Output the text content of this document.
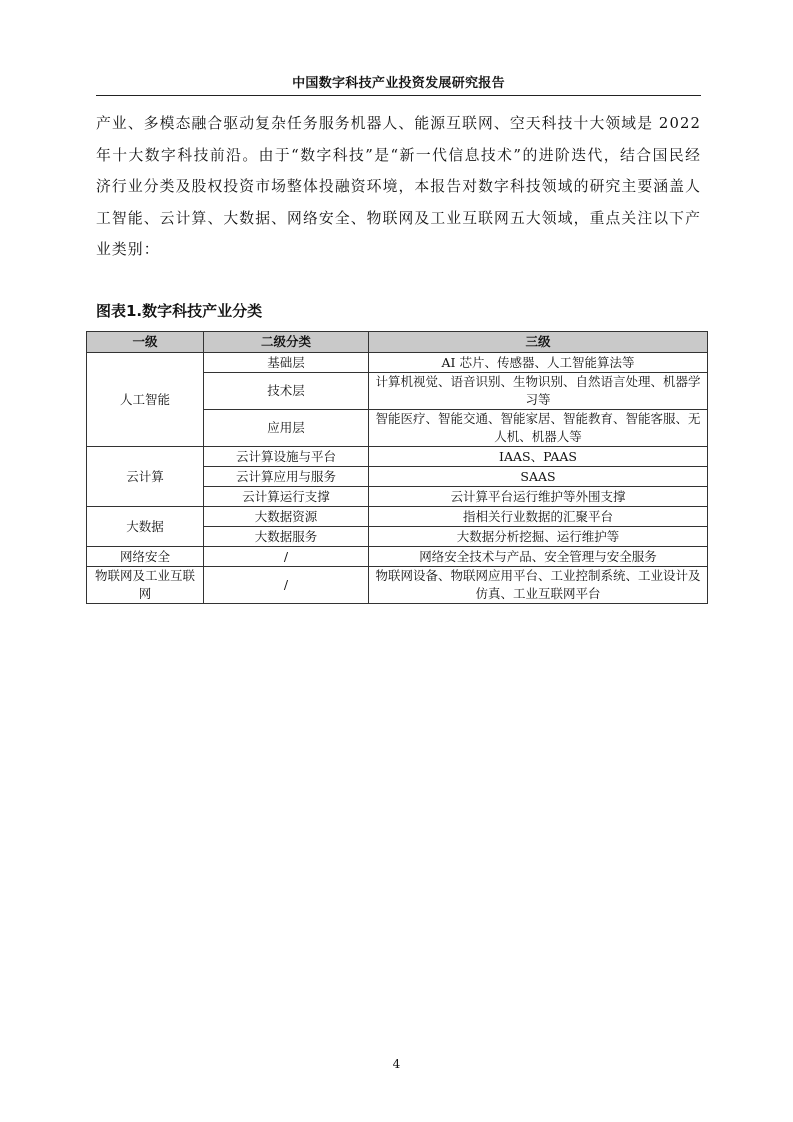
中国数字科技产业投资发展研究报告

产业、多模态融合驱动复杂任务服务机器人、能源互联网、空天科技十大领域是 2022 年十大数字科技前沿。由于“数字科技”是“新一代信息技术”的进阶迭代，结合国民经济行业分类及股权投资市场整体投融资环境，本报告对数字科技领域的研究主要涵盖人工智能、云计算、大数据、网络安全、物联网及工业互联网五大领域，重点关注以下产业类别：

图表1.数字科技产业分类

一级	二级分类	三级
人工智能	基础层	AI 芯片、传感器、人工智能算法等
	技术层	计算机视觉、语音识别、生物识别、自然语言处理、机器学习等
	应用层	智能医疗、智能交通、智能家居、智能教育、智能客服、无人机、机器人等
云计算	云计算设施与平台	IAAS、PAAS
	云计算应用与服务	SAAS
	云计算运行支撑	云计算平台运行维护等外围支撑
大数据	大数据资源	指相关行业数据的汇聚平台
	大数据服务	大数据分析挖掘、运行维护等
网络安全	/	网络安全技术与产品、安全管理与安全服务
物联网及工业互联网	/	物联网设备、物联网应用平台、工业控制系统、工业设计及仿真、工业互联网平台
4
